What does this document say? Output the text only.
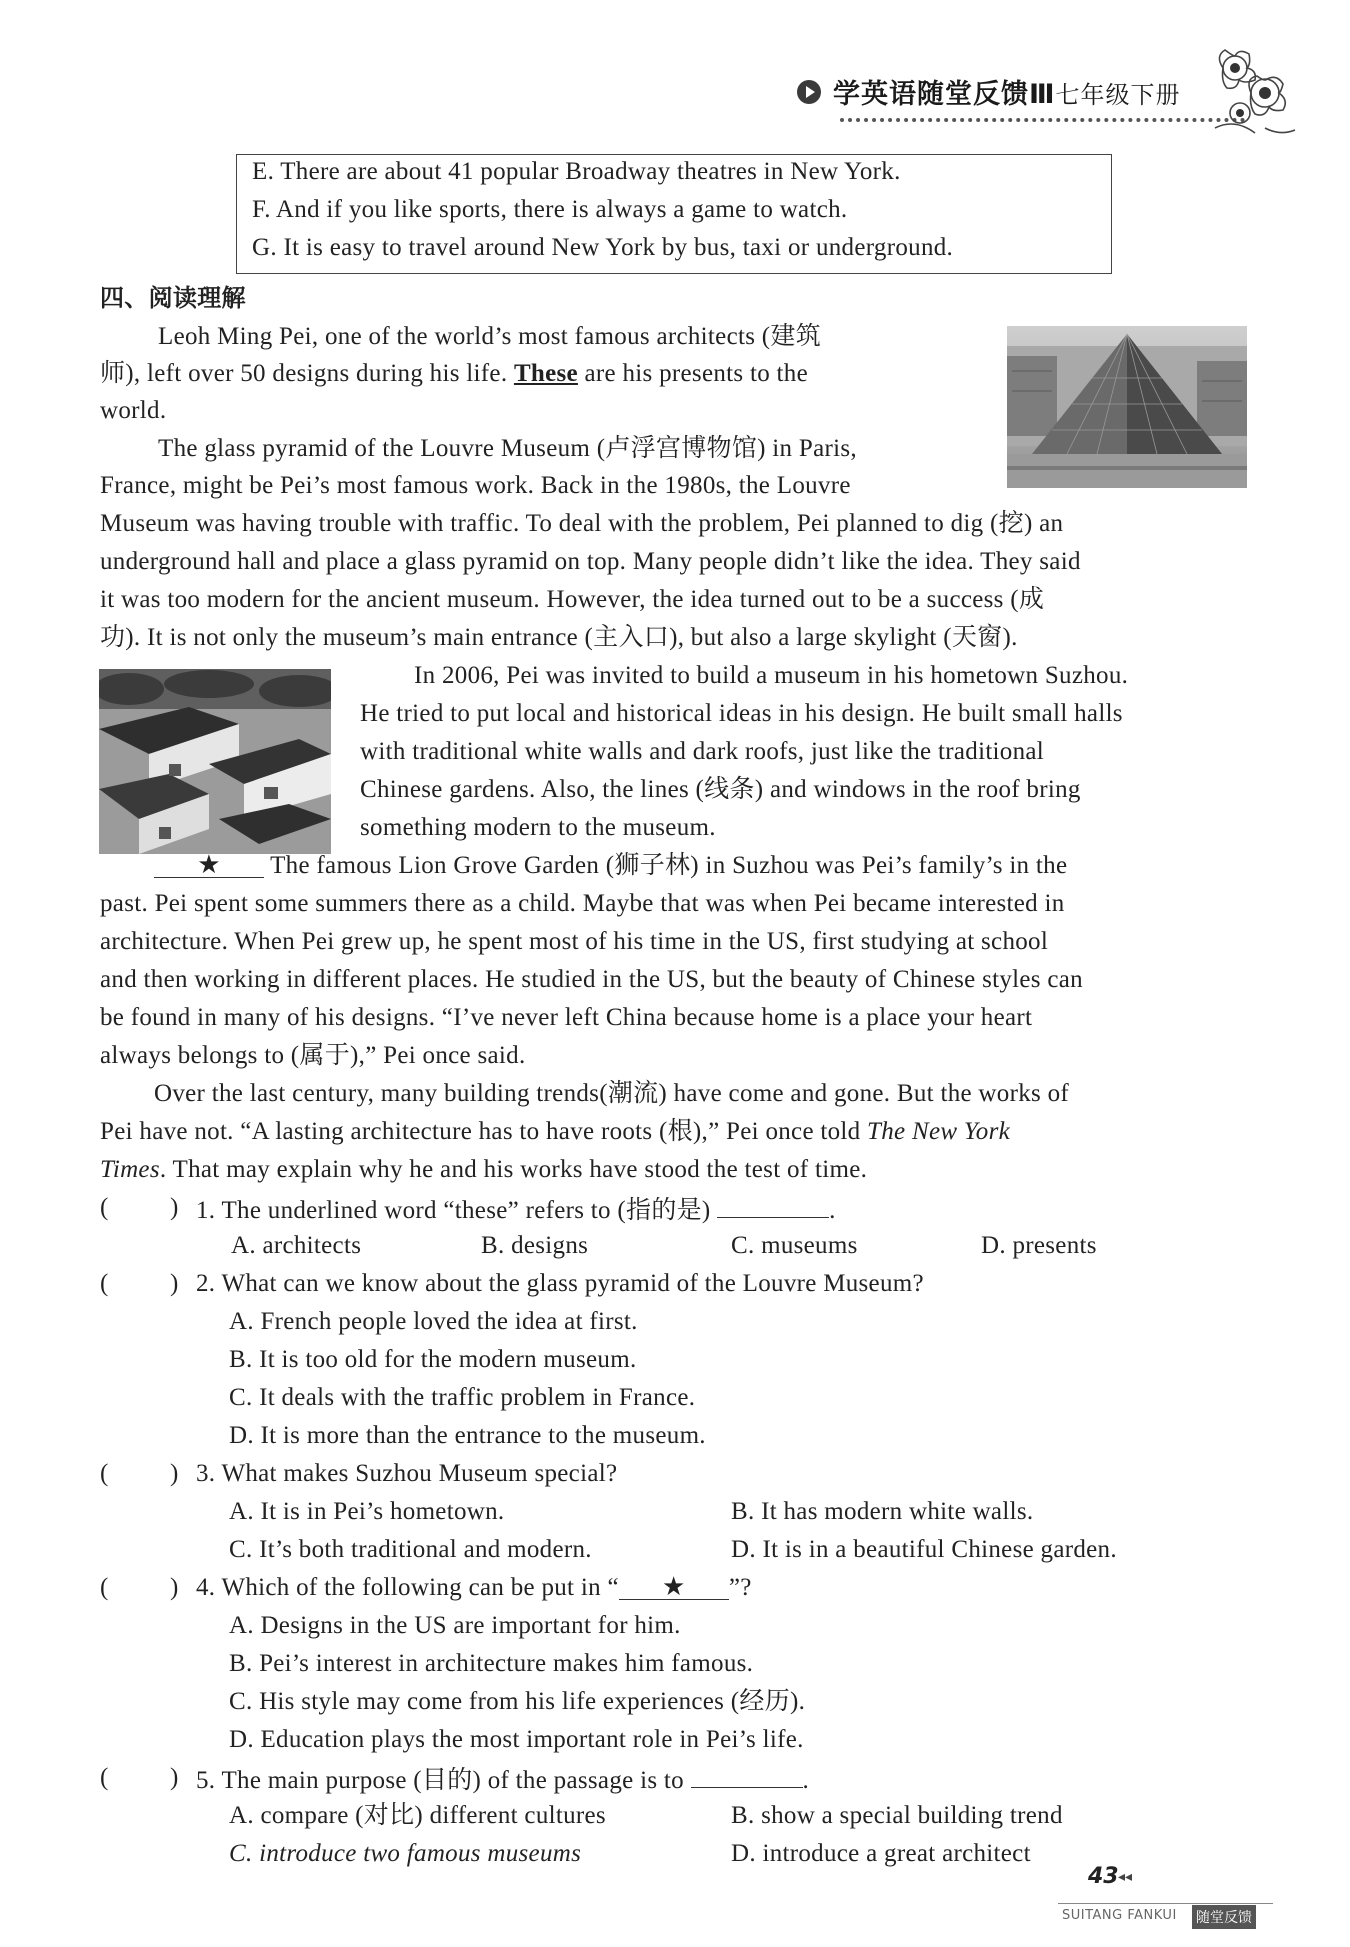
学英语随堂反馈Ⅲ七年级下册
E. There are about 41 popular Broadway theatres in New York.
F. And if you like sports, there is always a game to watch.
G. It is easy to travel around New York by bus, taxi or underground.
四、阅读理解
Leoh Ming Pei, one of the world’s most famous architects (建筑
师), left over 50 designs during his life. These are his presents to the
world.
The glass pyramid of the Louvre Museum (卢浮宫博物馆) in Paris,
France, might be Pei’s most famous work. Back in the 1980s, the Louvre
Museum was having trouble with traffic. To deal with the problem, Pei planned to dig (挖) an
underground hall and place a glass pyramid on top. Many people didn’t like the idea. They said
it was too modern for the ancient museum. However, the idea turned out to be a success (成
功). It is not only the museum’s main entrance (主入口), but also a large skylight (天窗).
In 2006, Pei was invited to build a museum in his hometown Suzhou.
He tried to put local and historical ideas in his design. He built small halls
with traditional white walls and dark roofs, just like the traditional
Chinese gardens. Also, the lines (线条) and windows in the roof bring
something modern to the museum.
★ The famous Lion Grove Garden (狮子林) in Suzhou was Pei’s family’s in the
past. Pei spent some summers there as a child. Maybe that was when Pei became interested in
architecture. When Pei grew up, he spent most of his time in the US, first studying at school
and then working in different places. He studied in the US, but the beauty of Chinese styles can
be found in many of his designs. “I’ve never left China because home is a place your heart
always belongs to (属于),” Pei once said.
Over the last century, many building trends(潮流) have come and gone. But the works of
Pei have not. “A lasting architecture has to have roots (根),” Pei once told The New York
Times. That may explain why he and his works have stood the test of time.
( ) 1. The underlined word “these” refers to (指的是)	.
A. architects	B. designs	C. museums	D. presents
( ) 2. What can we know about the glass pyramid of the Louvre Museum?
A. French people loved the idea at first.
B. It is too old for the modern museum.
C. It deals with the traffic problem in France.
D. It is more than the entrance to the museum.
( ) 3. What makes Suzhou Museum special?
A. It is in Pei’s hometown.	B. It has modern white walls.
C. It’s both traditional and modern.	D. It is in a beautiful Chinese garden.
( ) 4. Which of the following can be put in “ ★ ”?
A. Designs in the US are important for him.
B. Pei’s interest in architecture makes him famous.
C. His style may come from his life experiences (经历).
D. Education plays the most important role in Pei’s life.
( ) 5. The main purpose (目的) of the passage is to	.
A. compare (对比) different cultures	B. show a special building trend
C. introduce two famous museums	D. introduce a great architect
43 ◂◂
SUITANG FANKUI 随堂反馈
